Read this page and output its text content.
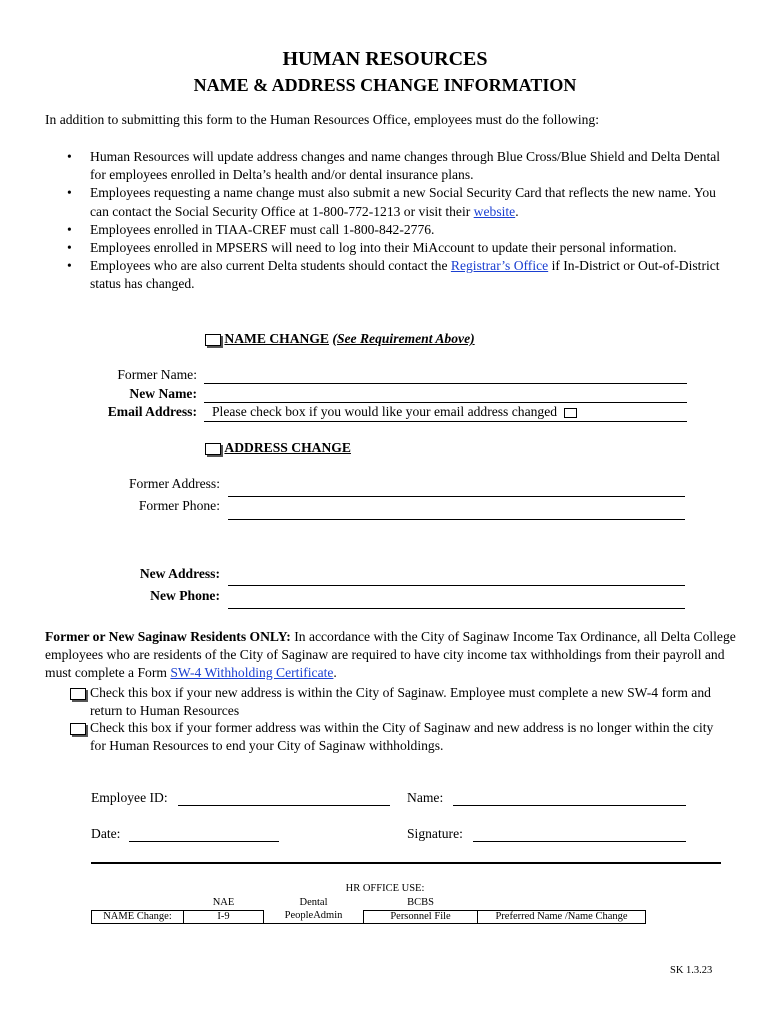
HUMAN RESOURCES
NAME & ADDRESS CHANGE INFORMATION
In addition to submitting this form to the Human Resources Office, employees must do the following:
• Human Resources will update address changes and name changes through Blue Cross/Blue Shield and Delta Dental for employees enrolled in Delta’s health and/or dental insurance plans.
• Employees requesting a name change must also submit a new Social Security Card that reflects the new name. You can contact the Social Security Office at 1-800-772-1213 or visit their website.
• Employees enrolled in TIAA-CREF must call 1-800-842-2776.
• Employees enrolled in MPSERS will need to log into their MiAccount to update their personal information.
• Employees who are also current Delta students should contact the Registrar’s Office if In-District or Out-of-District status has changed.
NAME CHANGE (See Requirement Above)
Former Name:
New Name:
Email Address: Please check box if you would like your email address changed
ADDRESS CHANGE
Former Address:
Former Phone:
New Address:
New Phone:
Former or New Saginaw Residents ONLY: In accordance with the City of Saginaw Income Tax Ordinance, all Delta College employees who are residents of the City of Saginaw are required to have city income tax withholdings from their payroll and must complete a Form SW-4 Withholding Certificate.
Check this box if your new address is within the City of Saginaw. Employee must complete a new SW-4 form and return to Human Resources
Check this box if your former address was within the City of Saginaw and new address is no longer within the city for Human Resources to end your City of Saginaw withholdings.
Employee ID:	Name:
Date:	Signature:
HR OFFICE USE:
	NAE	Dental	BCBS	
NAME Change:	I-9	PeopleAdmin	Personnel File	Preferred Name /Name Change
SK 1.3.23
